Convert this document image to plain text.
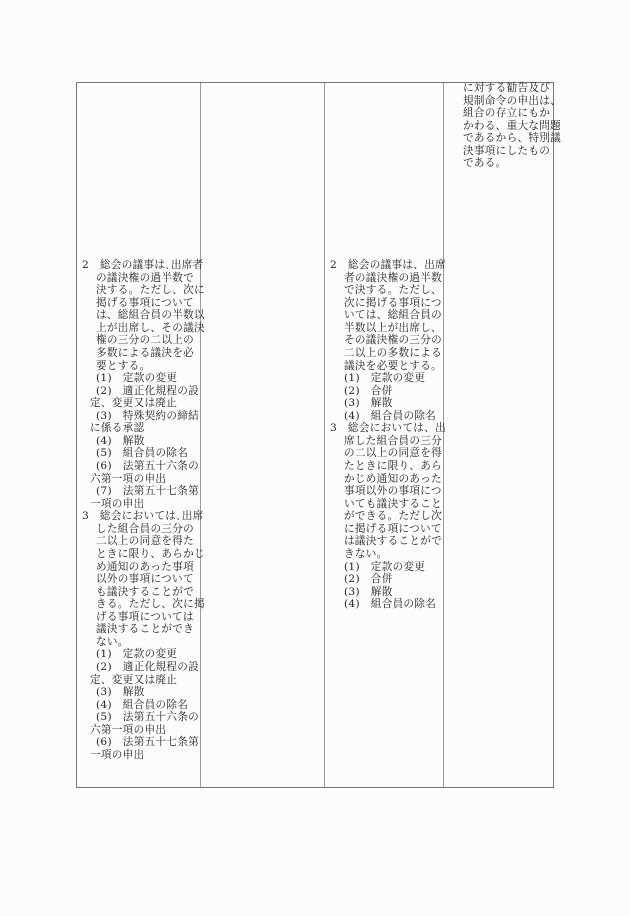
2　総会の議事は､出席者
の議決権の過半数で
決する。ただし、次に
掲げる事項について
は、総組合員の半数以
上が出席し、その議決
権の三分の二以上の
多数による議決を必
要とする。
(1)　定款の変更
(2)　適正化規程の設
定、変更又は廃止
(3)　特殊契約の締結
に係る承認
(4)　解散
(5)　組合員の除名
(6)　法第五十六条の
六第一項の申出
(7)　法第五十七条第
一項の申出
3　総会においては､出席
した組合員の三分の
二以上の同意を得た
ときに限り、あらかじ
め通知のあった事項
以外の事項について
も議決することがで
きる。ただし、次に掲
げる事項については
議決することができ
ない。
(1)　定款の変更
(2)　適正化規程の設
定、変更又は廃止
(3)　解散
(4)　組合員の除名
(5)　法第五十六条の
六第一項の申出
(6)　法第五十七条第
一項の申出
2　総会の議事は、出席
者の議決権の過半数
で決する。ただし、
次に掲げる事項につ
いては、総組合員の
半数以上が出席し、
その議決権の三分の
二以上の多数による
議決を必要とする。
(1)　定款の変更
(2)　合併
(3)　解散
(4)　組合員の除名
3　総会においては、出
席した組合員の三分
の二以上の同意を得
たときに限り、あら
かじめ通知のあった
事項以外の事項につ
いても議決すること
ができる。ただし次
に掲げる項について
は議決することがで
きない。
(1)　定款の変更
(2)　合併
(3)　解散
(4)　組合員の除名
に対する勧告及び
規制命令の申出は、
組合の存立にもか
かわる、重大な問題
であるから、特別議
決事項にしたもの
である。
